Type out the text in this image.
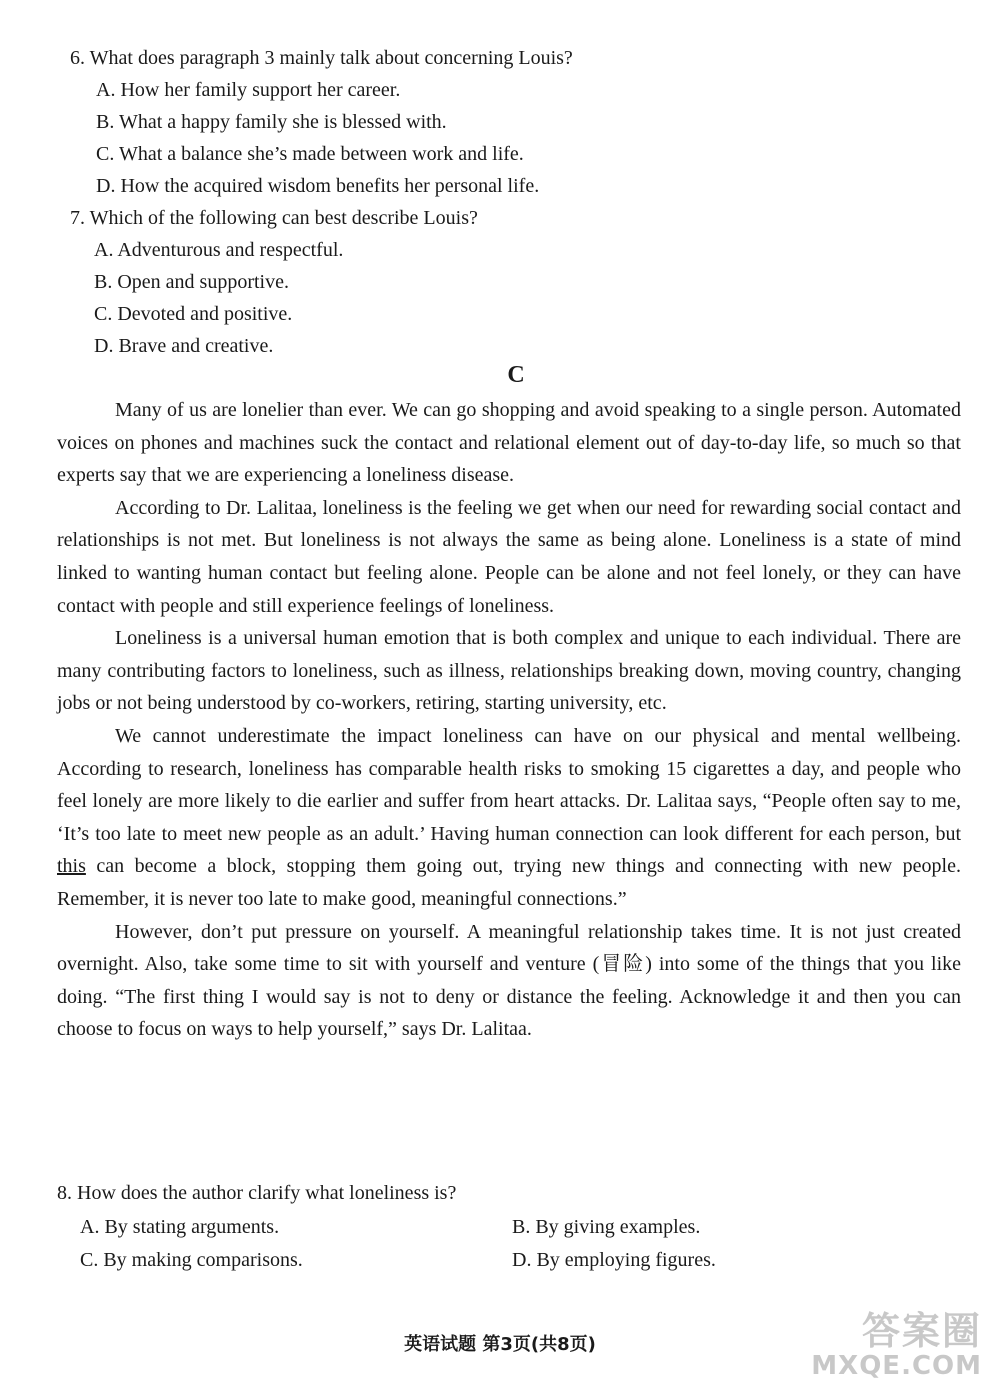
6. What does paragraph 3 mainly talk about concerning Louis?
A. How her family support her career.
B. What a happy family she is blessed with.
C. What a balance she’s made between work and life.
D. How the acquired wisdom benefits her personal life.
7. Which of the following can best describe Louis?
A. Adventurous and respectful.
B. Open and supportive.
C. Devoted and positive.
D. Brave and creative.
C

Many of us are lonelier than ever. We can go shopping and avoid speaking to a single person. Automated voices on phones and machines suck the contact and relational element out of day-to-day life, so much so that experts say that we are experiencing a loneliness disease.

According to Dr. Lalitaa, loneliness is the feeling we get when our need for rewarding social contact and relationships is not met. But loneliness is not always the same as being alone. Loneliness is a state of mind linked to wanting human contact but feeling alone. People can be alone and not feel lonely, or they can have contact with people and still experience feelings of loneliness.

Loneliness is a universal human emotion that is both complex and unique to each individual. There are many contributing factors to loneliness, such as illness, relationships breaking down, moving country, changing jobs or not being understood by co-workers, retiring, starting university, etc.

We cannot underestimate the impact loneliness can have on our physical and mental wellbeing. According to research, loneliness has comparable health risks to smoking 15 cigarettes a day, and people who feel lonely are more likely to die earlier and suffer from heart attacks. Dr. Lalitaa says, “People often say to me, ‘It’s too late to meet new people as an adult.’ Having human connection can look different for each person, but this can become a block, stopping them going out, trying new things and connecting with new people. Remember, it is never too late to make good, meaningful connections.”

However, don’t put pressure on yourself. A meaningful relationship takes time. It is not just created overnight. Also, take some time to sit with yourself and venture (冒险) into some of the things that you like doing. “The first thing I would say is not to deny or distance the feeling. Acknowledge it and then you can choose to focus on ways to help yourself,” says Dr. Lalitaa.

8. How does the author clarify what loneliness is?
A. By stating arguments.	B. By giving examples.
C. By making comparisons.	D. By employing figures.
英语试题 第3页(共8页)	答案圈
MXQE.COM
